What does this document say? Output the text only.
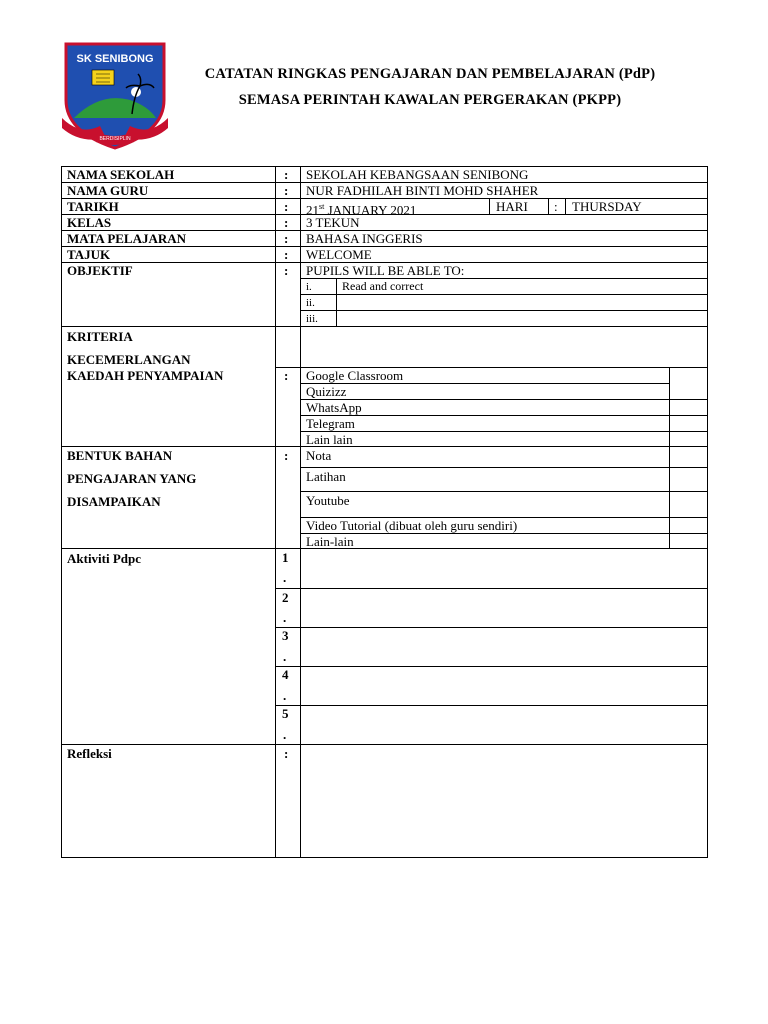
SK SENIBONG
BERDISIPLIN
CATATAN RINGKAS PENGAJARAN DAN PEMBELAJARAN (PdP)
SEMASA PERINTAH KAWALAN PERGERAKAN (PKPP)
NAMA SEKOLAH
NAMA GURU
TARIKH
KELAS
MATA PELAJARAN
TAJUK
OBJEKTIF
KRITERIA
KECEMERLANGAN
KAEDAH PENYAMPAIAN
BENTUK BAHAN
PENGAJARAN YANG
DISAMPAIKAN
Aktiviti Pdpc
Refleksi
:
:
:
:
:
:
:
:
:
:
SEKOLAH KEBANGSAAN SENIBONG
NUR FADHILAH BINTI MOHD SHAHER
21st JANUARY 2021	HARI : THURSDAY
3 TEKUN
BAHASA INGGERIS
WELCOME
PUPILS WILL BE ABLE TO:
i.	Read and correct
ii.
iii.
Google Classroom
Quizizz
WhatsApp
Telegram
Lain lain
Nota
Latihan
Youtube
Video Tutorial (dibuat oleh guru sendiri)
Lain-lain
1
.
2
.
3
.
4
.
5
.
